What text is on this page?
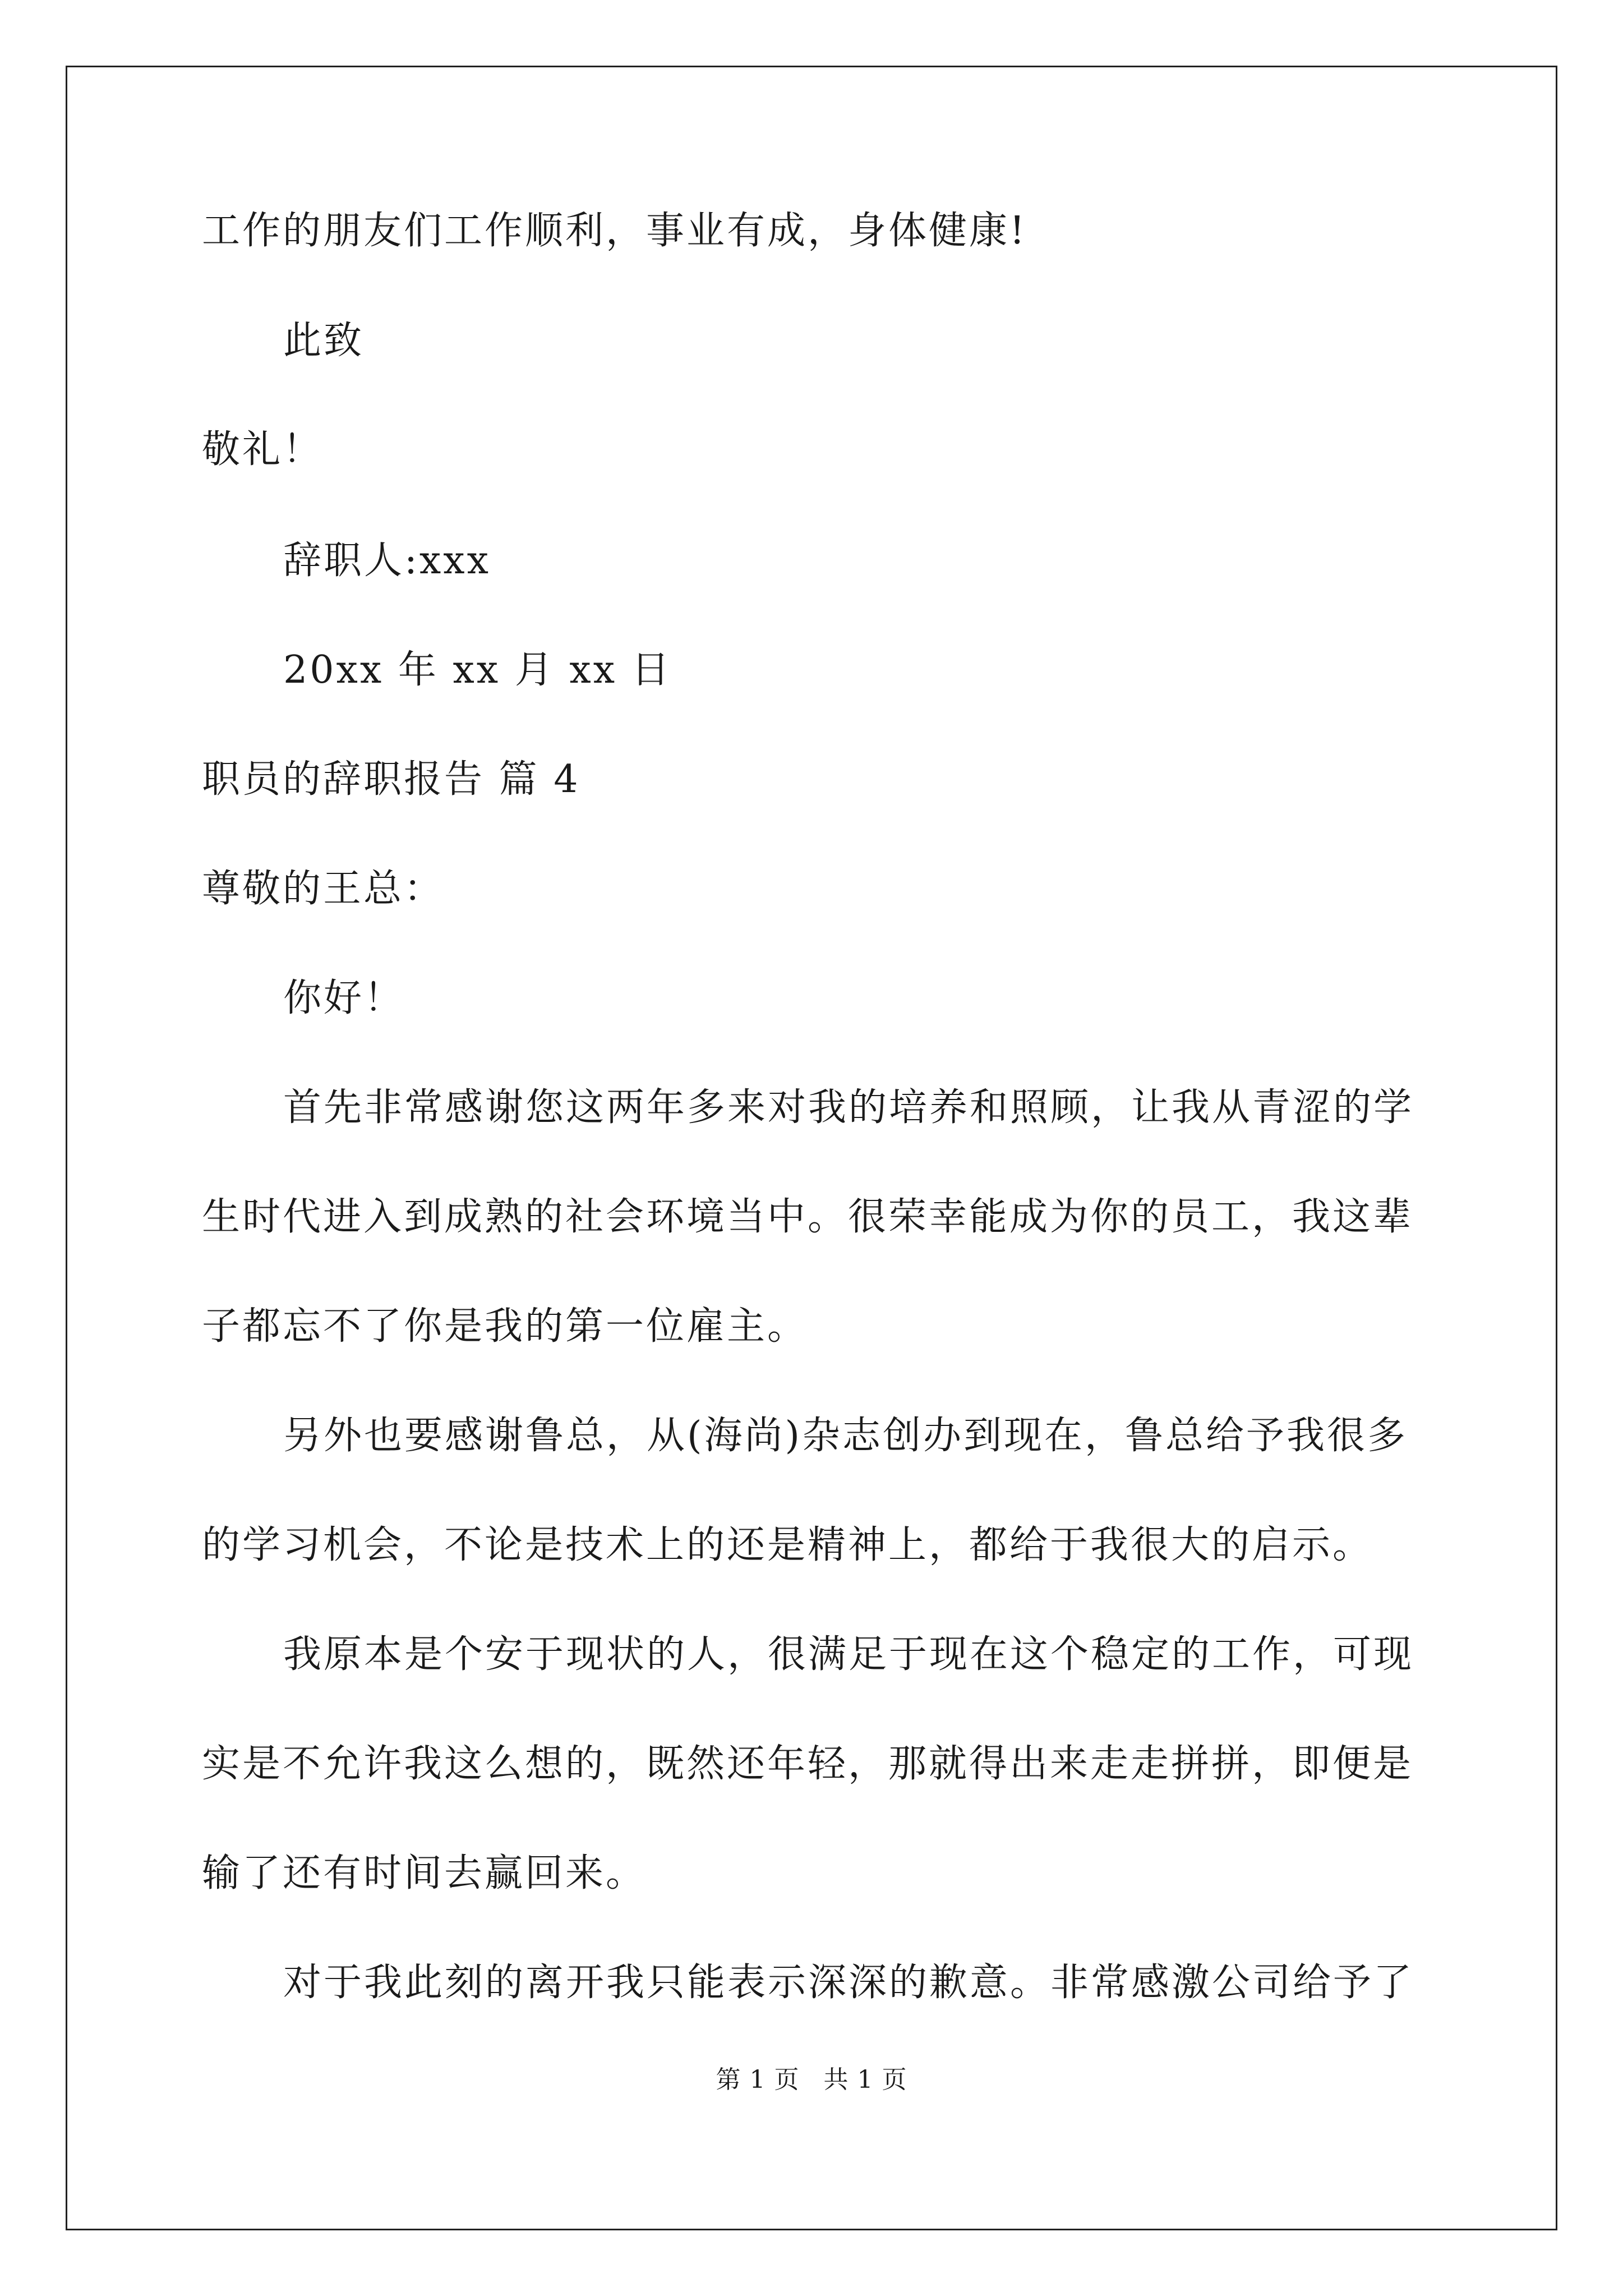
工作的朋友们工作顺利，事业有成，身体健康!
此致
敬礼！
辞职人:xxx
20xx 年 xx 月 xx 日
职员的辞职报告 篇 4
尊敬的王总：
你好！
首先非常感谢您这两年多来对我的培养和照顾，让我从青涩的学
生时代进入到成熟的社会环境当中。很荣幸能成为你的员工，我这辈
子都忘不了你是我的第一位雇主。
另外也要感谢鲁总，从(海尚)杂志创办到现在，鲁总给予我很多
的学习机会，不论是技术上的还是精神上，都给于我很大的启示。
我原本是个安于现状的人，很满足于现在这个稳定的工作，可现
实是不允许我这么想的，既然还年轻，那就得出来走走拼拼，即便是
输了还有时间去赢回来。
对于我此刻的离开我只能表示深深的歉意。非常感激公司给予了
第 1 页 共 1 页
